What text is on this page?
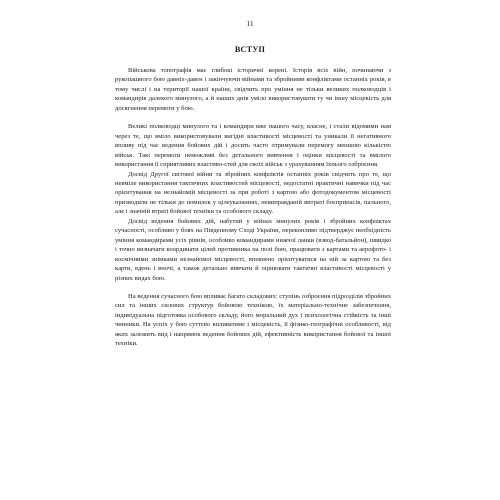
11
ВСТУП

Військова топографія має глибокі історичні корені. Історія всіх війн, починаючи з рукопашного бою давніх-давен і закінчуючи війнами та збройними конфліктами останніх років, в тому числі і на території нашої країни, свідчить про уміння не тільки великих полководців і командирів далекого минулого, а й наших днів уміло використовувати ту чи іншу місцевість для досягнення перемоги у бою.

Великі полководці минулого та і командири вже нашого часу, власне, і стали відомими нам через те, що вміло використовували вигідні властивості місцевості та уникали її негативного впливу під час ведення бойових дій і досить часто отримували перемогу меншою кількістю військ. Такі перемоги неможливі без детального вивчення і оцінки місцевості та вмілого використання її сприятливих властиво-стей для своїх військ з урахуванням їхнього озброєння.

Досвід Другої світової війни та збройних конфліктів останніх років свідчить про те, що невміле використання тактичних властивостей місцевості, недостатні практичні навички під час орієнтування на незнайомій місцевості за при роботі з картою або фотодокументом місцевості призводили не тільки до помилок у цілеуказаннях, невиправданій витраті боєприпасів, пального, але і значній втраті бойової техніки та особового складу.

Досвід ведення бойових дій, набутий у війнах минулих років і збройних конфліктах сучасності, особливо у боях на Південному Сході України, переконливо підтверджує необхідність уміння командирами усіх рівнів, особливо командирами нижчої ланки (взвод-батальйон), швидко і точно визначати координати цілей противника на полі бою, працювати з картами та аерофото- і космічними знімками незнайомої місцевості, впевнено орієнтуватися на ній за картою та без карти, вдень і вночі, а також детально вивчати й оцінювати тактичні властивості місцевості у різних видах бою.

На ведення сучасного бою впливає багато складових: ступінь озброєння підрозділів збройних сил та інших силових структур бойовою технікою, їх матеріально-технічне забезпечення, індивідуальна підготовка особового складу, його моральний дух і психологічна стійкість та інші чинники. На успіх у бою суттєво впливатиме і місцевість, її фізико-географічні особливості, від яких залежить вид і напрямок ведення бойових дій, ефективність використання бойової та іншої техніки.
